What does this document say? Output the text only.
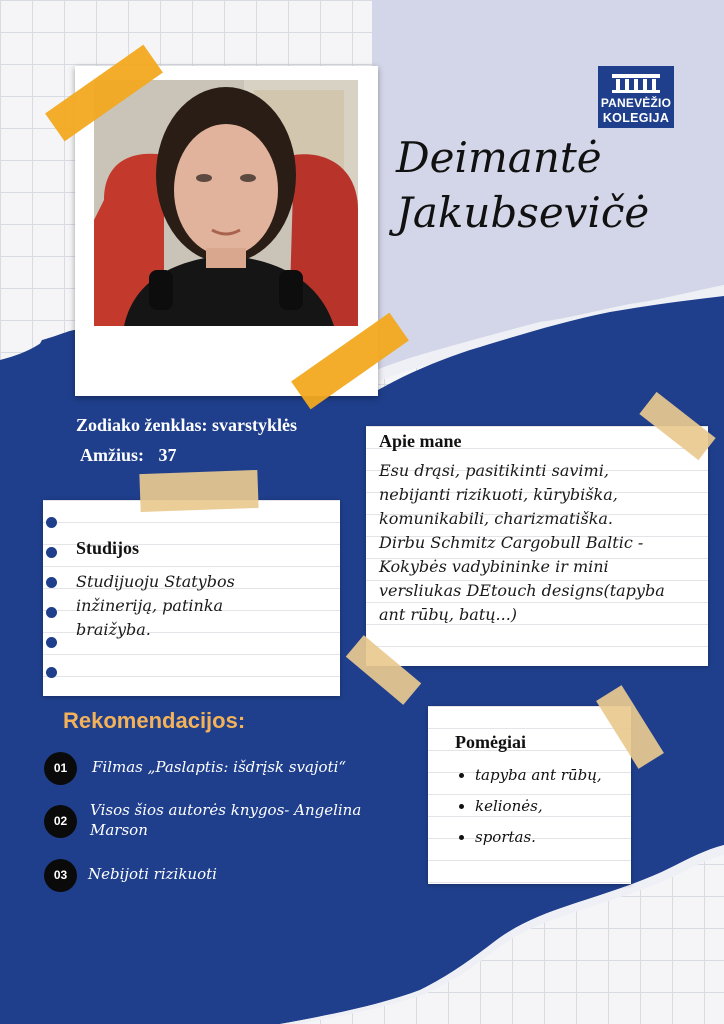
Deimantė
Jakubsevičė
PANEVĖŽIO
KOLEGIJA
Zodiako ženklas: svarstyklės
Amžius: 37
Apie mane
Esu drąsi, pasitikinti savimi,
nebijanti rizikuoti, kūrybiška,
komunikabili, charizmatiška.
Dirbu Schmitz Cargobull Baltic -
Kokybės vadybininke ir mini
versliukas DEtouch designs(tapyba
ant rūbų, batų...)
Studijos
Studijuoju Statybos
inžineriją, patinka
braižyba.
Rekomendacijos:
01	Filmas „Paslaptis: išdrįsk svajoti“
02
Visos šios autorės knygos- Angelina
Marson
03	Nebijoti rizikuoti
Pomėgiai
• tapyba ant rūbų,
• kelionės,
• sportas.
